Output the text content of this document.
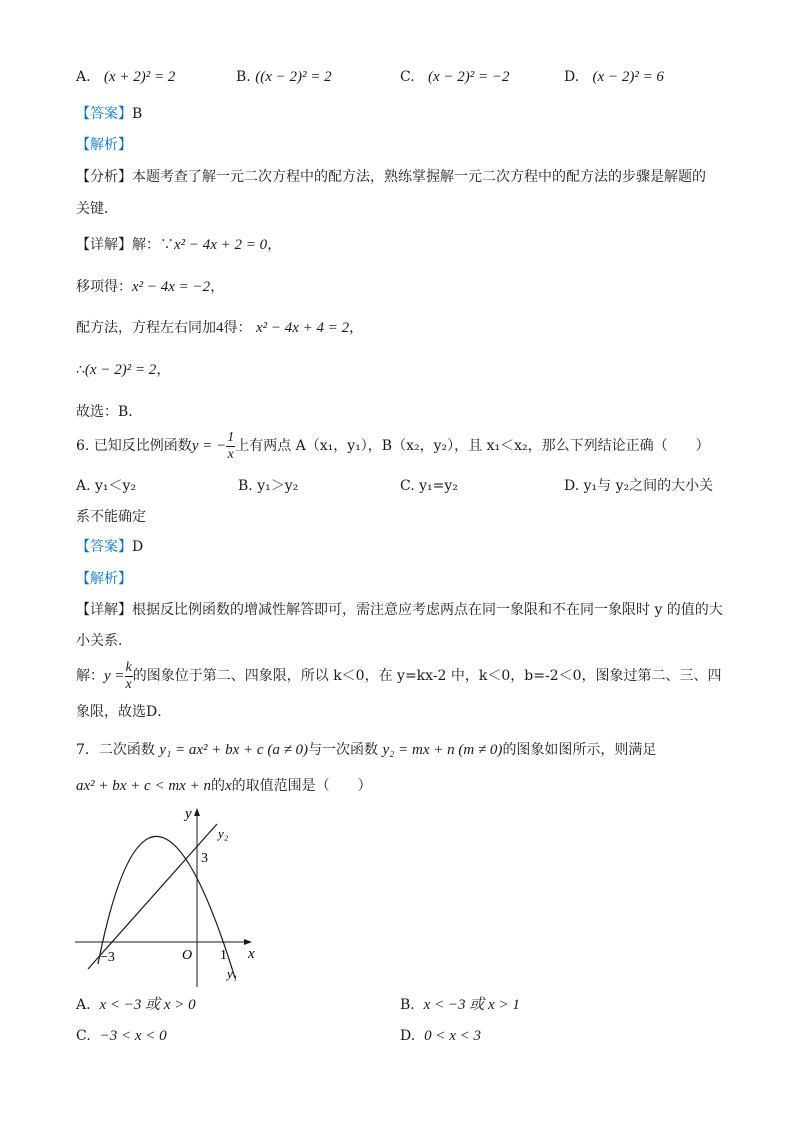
A. (x + 2)² = 2	B. ((x − 2)² = 2	C. (x − 2)² = −2	D. (x − 2)² = 6
【答案】B
【解析】
【分析】本题考查了解一元二次方程中的配方法，熟练掌握解一元二次方程中的配方法的步骤是解题的
关键．
【详解】解：∵x² − 4x + 2 = 0，
移项得：x² − 4x = −2，
配方法，方程左右同加4得： x² − 4x + 4 = 2，
∴(x − 2)² = 2，
故选：B．
6. 已知反比例函数y = − $\frac{1}{x}$ 上有两点 A（x₁，y₁），B（x₂，y₂），且 x₁＜x₂，那么下列结论正确（　　）
A. y₁＜y₂	B. y₁＞y₂	C. y₁=y₂	D. y₁与 y₂之间的大小关
系不能确定
【答案】D
【解析】
【详解】根据反比例函数的增减性解答即可，需注意应考虑两点在同一象限和不在同一象限时 y 的值的大
小关系．
解：$y = \frac{k}{x}$ 的图象位于第二、四象限，所以 k＜0，在 y=kx-2 中，k＜0，b=-2＜0，图象过第二、三、四
象限，故选D．
7．二次函数 y₁ = ax² + bx + c (a ≠ 0)与一次函数 y₂ = mx + n (m ≠ 0)的图象如图所示，则满足
ax² + bx + c < mx + n的x的取值范围是（　　）
y
x
O
−3	1
3
y₁
y₂
A. x < −3 或 x > 0	B. x < −3 或 x > 1
C. −3 < x < 0	D. 0 < x < 3
